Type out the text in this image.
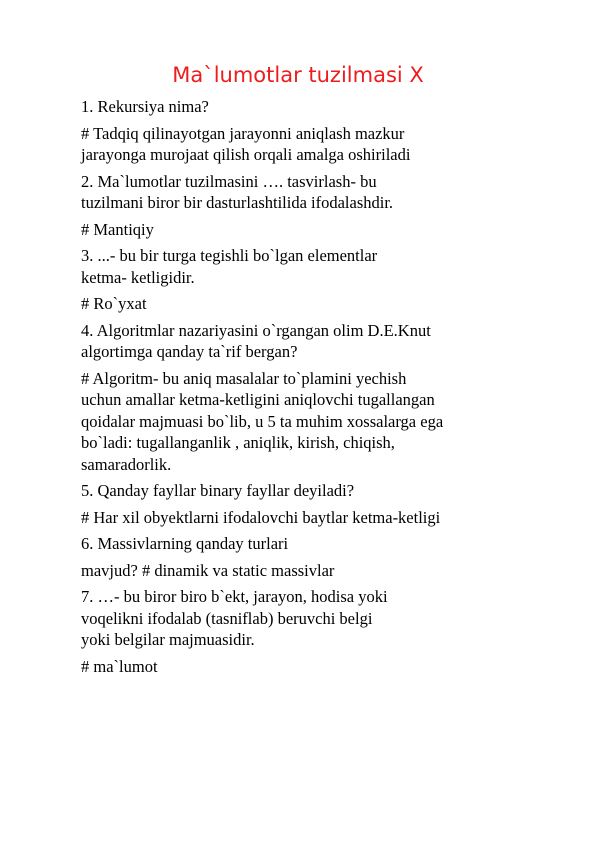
Ma`lumotlar tuzilmasi X
1. Rekursiya nima?
# Tadqiq qilinayotgan jarayonni aniqlash mazkur
jarayonga murojaat qilish orqali amalga oshiriladi
2. Ma`lumotlar tuzilmasini …. tasvirlash- bu
tuzilmani biror bir dasturlashtilida ifodalashdir.
# Mantiqiy
3. ...- bu bir turga tegishli bo`lgan elementlar
ketma- ketligidir.
# Ro`yxat
4. Algoritmlar nazariyasini o`rgangan olim D.E.Knut
algortimga qanday ta`rif bergan?
# Algoritm- bu aniq masalalar to`plamini yechish
uchun amallar ketma-ketligini aniqlovchi tugallangan
qoidalar majmuasi bo`lib, u 5 ta muhim xossalarga ega
bo`ladi: tugallanganlik , aniqlik, kirish, chiqish,
samaradorlik.
5. Qanday fayllar binary fayllar deyiladi?
# Har xil obyektlarni ifodalovchi baytlar ketma-ketligi
6. Massivlarning qanday turlari
mavjud? # dinamik va static massivlar
7. …- bu biror biro b`ekt, jarayon, hodisa yoki
voqelikni ifodalab (tasniflab) beruvchi belgi
yoki belgilar majmuasidir.
# ma`lumot
